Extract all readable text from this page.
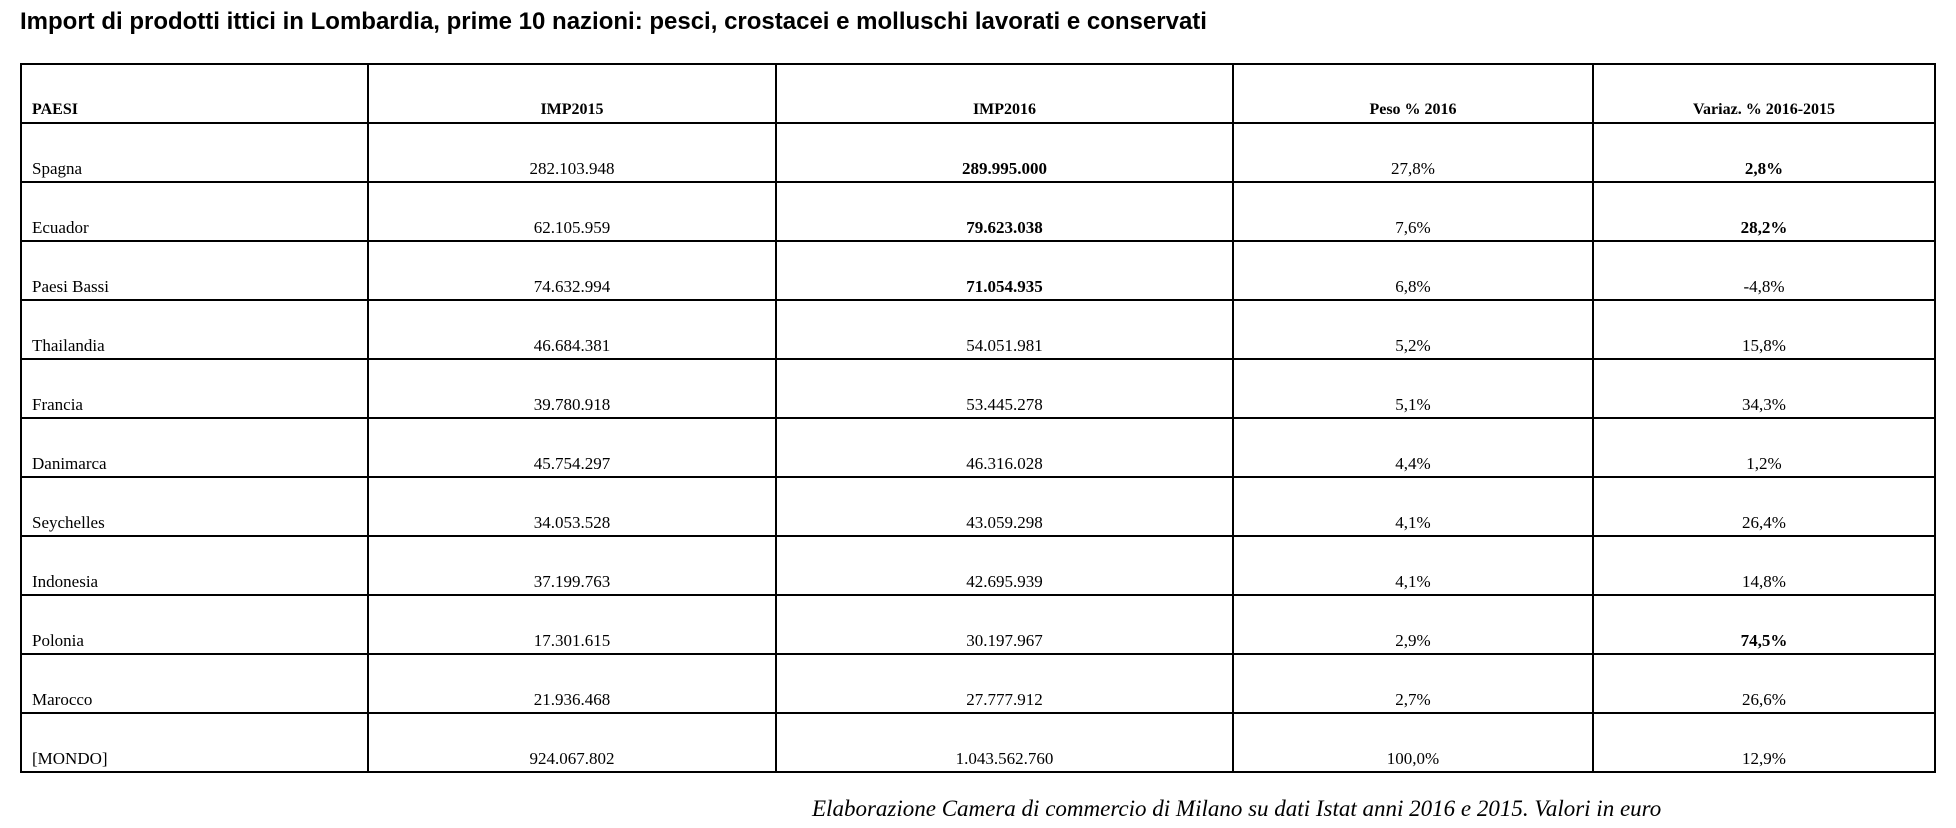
Import di prodotti ittici in Lombardia, prime 10 nazioni: pesci, crostacei e molluschi lavorati e conservati
PAESI	IMP2015	IMP2016	Peso % 2016	Variaz. % 2016-2015
Spagna	282.103.948	289.995.000	27,8%	2,8%
Ecuador	62.105.959	79.623.038	7,6%	28,2%
Paesi Bassi	74.632.994	71.054.935	6,8%	-4,8%
Thailandia	46.684.381	54.051.981	5,2%	15,8%
Francia	39.780.918	53.445.278	5,1%	34,3%
Danimarca	45.754.297	46.316.028	4,4%	1,2%
Seychelles	34.053.528	43.059.298	4,1%	26,4%
Indonesia	37.199.763	42.695.939	4,1%	14,8%
Polonia	17.301.615	30.197.967	2,9%	74,5%
Marocco	21.936.468	27.777.912	2,7%	26,6%
[MONDO]	924.067.802	1.043.562.760	100,0%	12,9%
Elaborazione Camera di commercio di Milano su dati Istat anni 2016 e 2015. Valori in euro
